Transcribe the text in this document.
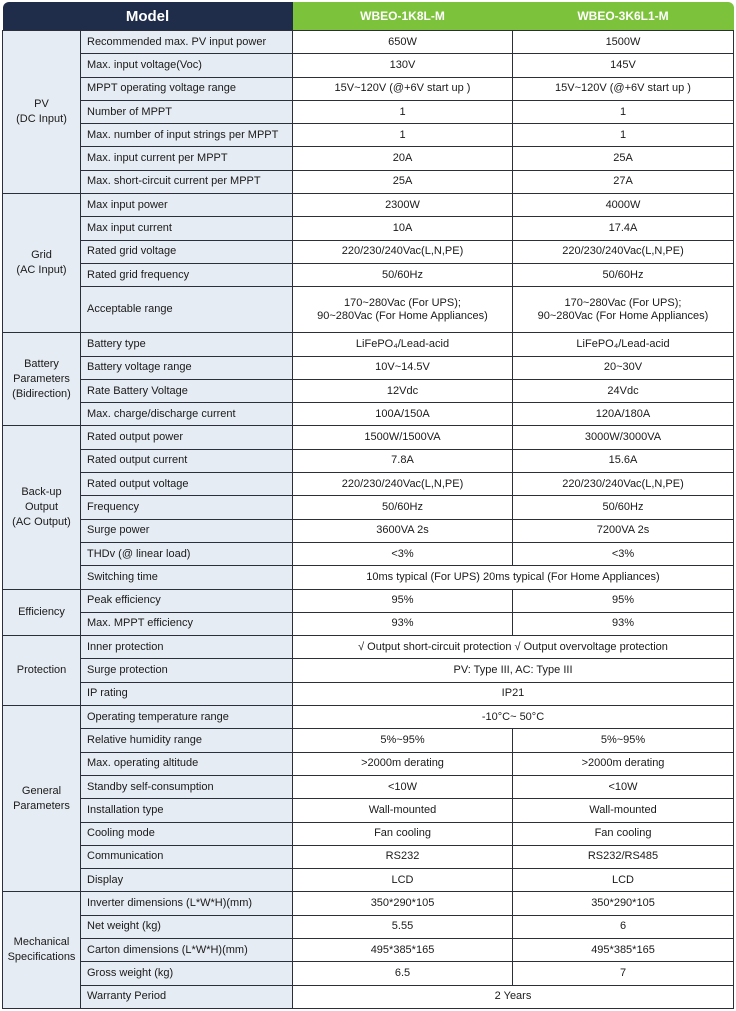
Model		WBEO-1K8L-M	WBEO-3K6L1-M

PV
(DC Input)	Recommended max. PV input power	650W	1500W
	Max. input voltage(Voc)	130V	145V
	MPPT operating voltage range	15V~120V (@+6V start up )	15V~120V (@+6V start up )
	Number of MPPT	1	1
	Max. number of input strings per MPPT	1	1
	Max. input current per MPPT	20A	25A
	Max. short-circuit current per MPPT	25A	27A

Grid
(AC Input)	Max input power	2300W	4000W
	Max input current	10A	17.4A
	Rated grid voltage	220/230/240Vac(L,N,PE)	220/230/240Vac(L,N,PE)
	Rated grid frequency	50/60Hz	50/60Hz
	Acceptable range	170~280Vac (For UPS);
90~280Vac (For Home Appliances)	170~280Vac (For UPS);
90~280Vac (For Home Appliances)

Battery
Parameters
(Bidirection)	Battery type	LiFePO₄/Lead-acid	LiFePO₄/Lead-acid
	Battery voltage range	10V~14.5V	20~30V
	Rate Battery Voltage	12Vdc	24Vdc
	Max. charge/discharge current	100A/150A	120A/180A

Back-up
Output
(AC Output)	Rated output power	1500W/1500VA	3000W/3000VA
	Rated output current	7.8A	15.6A
	Rated output voltage	220/230/240Vac(L,N,PE)	220/230/240Vac(L,N,PE)
	Frequency	50/60Hz	50/60Hz
	Surge power	3600VA 2s	7200VA 2s
	THDv (@ linear load)	<3%	<3%
	Switching time	10ms typical (For UPS) 20ms typical (For Home Appliances)	

Efficiency	Peak efficiency	95%	95%
	Max. MPPT efficiency	93%	93%

Protection	Inner protection	√ Output short-circuit protection √ Output overvoltage protection	
	Surge protection	PV: Type III, AC: Type III	
	IP rating	IP21	

General
Parameters	Operating temperature range	-10°C~ 50°C	
	Relative humidity range	5%~95%	5%~95%
	Max. operating altitude	>2000m derating	>2000m derating
	Standby self-consumption	<10W	<10W
	Installation type	Wall-mounted	Wall-mounted
	Cooling mode	Fan cooling	Fan cooling
	Communication	RS232	RS232/RS485
	Display	LCD	LCD

Mechanical
Specifications	Inverter dimensions (L*W*H)(mm)	350*290*105	350*290*105
	Net weight (kg)	5.55	6
	Carton dimensions (L*W*H)(mm)	495*385*165	495*385*165
	Gross weight (kg)	6.5	7
	Warranty Period	2 Years	
